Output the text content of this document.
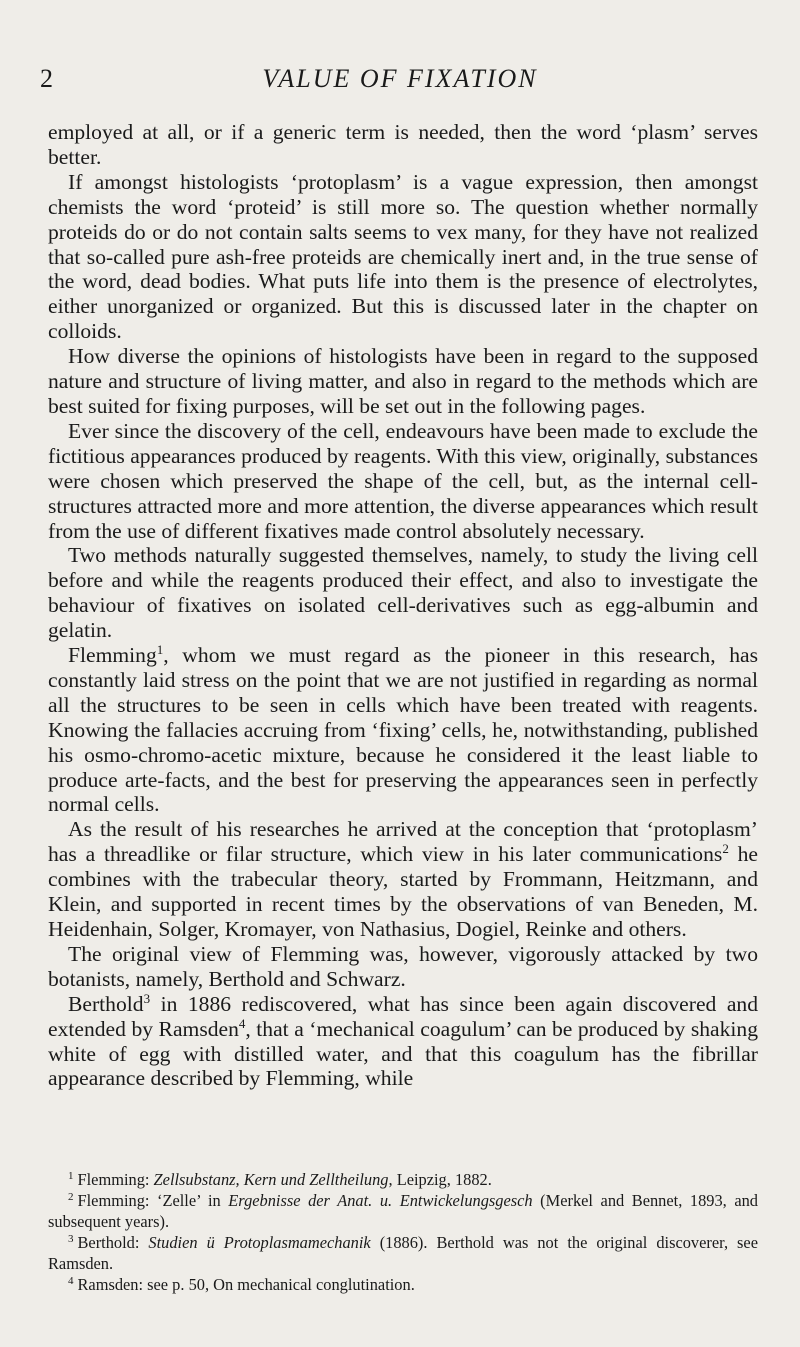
2	VALUE OF FIXATION

employed at all, or if a generic term is needed, then the word ‘plasm’ serves better.

If amongst histologists ‘protoplasm’ is a vague expression, then amongst chemists the word ‘proteid’ is still more so. The question whether normally proteids do or do not contain salts seems to vex many, for they have not realized that so-called pure ash-free proteids are chemically inert and, in the true sense of the word, dead bodies. What puts life into them is the presence of electrolytes, either unorganized or organized. But this is discussed later in the chapter on colloids.

How diverse the opinions of histologists have been in regard to the supposed nature and structure of living matter, and also in regard to the methods which are best suited for fixing purposes, will be set out in the following pages.

Ever since the discovery of the cell, endeavours have been made to exclude the fictitious appearances produced by reagents. With this view, originally, substances were chosen which preserved the shape of the cell, but, as the internal cell-structures attracted more and more attention, the diverse appearances which result from the use of different fixatives made control absolutely necessary.

Two methods naturally suggested themselves, namely, to study the living cell before and while the reagents produced their effect, and also to investigate the behaviour of fixatives on isolated cell-derivatives such as egg-albumin and gelatin.

Flemming$^1$, whom we must regard as the pioneer in this research, has constantly laid stress on the point that we are not justified in regarding as normal all the structures to be seen in cells which have been treated with reagents. Knowing the fallacies accruing from ‘fixing’ cells, he, notwithstanding, published his osmo-chromo-acetic mixture, because he considered it the least liable to produce arte-facts, and the best for preserving the appearances seen in perfectly normal cells.

As the result of his researches he arrived at the conception that ‘protoplasm’ has a threadlike or filar structure, which view in his later communications$^2$ he combines with the trabecular theory, started by Frommann, Heitzmann, and Klein, and supported in recent times by the observations of van Beneden, M. Heidenhain, Solger, Kromayer, von Nathasius, Dogiel, Reinke and others.

The original view of Flemming was, however, vigorously attacked by two botanists, namely, Berthold and Schwarz.

Berthold$^3$ in 1886 rediscovered, what has since been again discovered and extended by Ramsden$^4$, that a ‘mechanical coagulum’ can be produced by shaking white of egg with distilled water, and that this coagulum has the fibrillar appearance described by Flemming, while

$^1$ Flemming: Zellsubstanz, Kern und Zelltheilung, Leipzig, 1882.

$^2$ Flemming: ‘Zelle’ in Ergebnisse der Anat. u. Entwickelungsgesch (Merkel and Bennet, 1893, and subsequent years).

$^3$ Berthold: Studien ü Protoplasmamechanik (1886). Berthold was not the original discoverer, see Ramsden.

$^4$ Ramsden: see p. 50, On mechanical conglutination.
